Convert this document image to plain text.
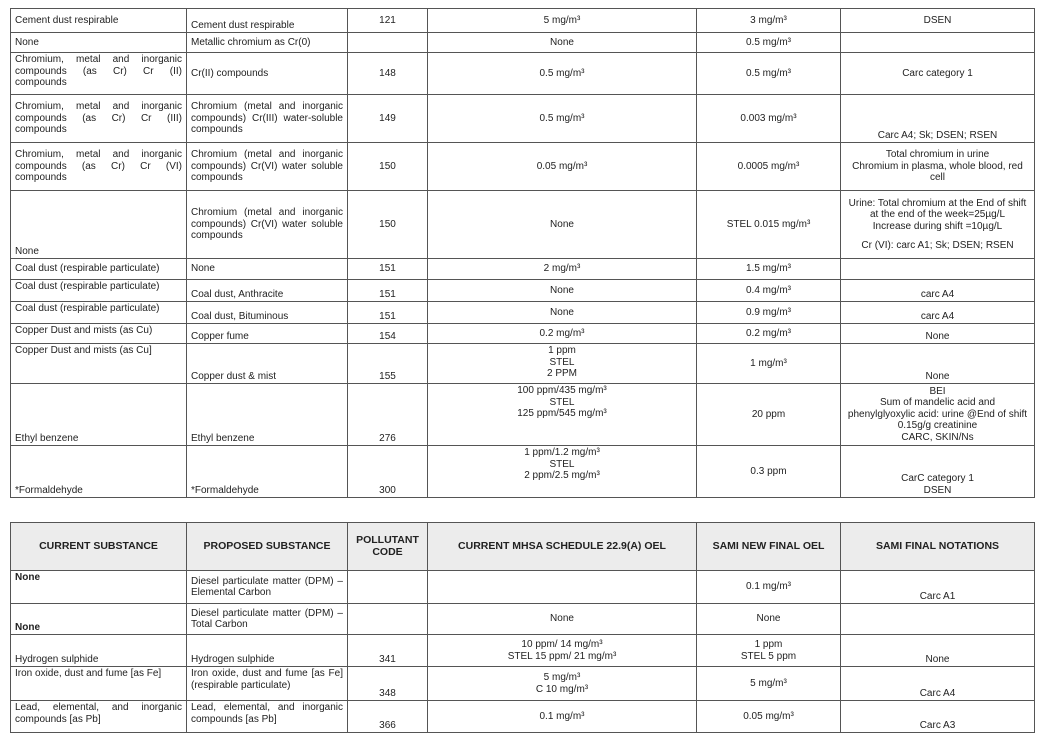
Cement dust respirable	Cement dust respirable	121	5 mg/m³	3 mg/m³	DSEN

None	Metallic chromium as Cr(0)		None	0.5 mg/m³	

Chromium, metal and inorganic compounds (as Cr) Cr (II) compounds	Cr(II) compounds	148	0.5 mg/m³	0.5 mg/m³	Carc category 1

Chromium, metal and inorganic compounds (as Cr) Cr (III) compounds	Chromium (metal and inorganic compounds) Cr(III) water-soluble compounds	149	0.5 mg/m³	0.003 mg/m³	Carc A4; Sk; DSEN; RSEN

Chromium, metal and inorganic compounds (as Cr) Cr (VI) compounds	Chromium (metal and inorganic compounds) Cr(VI) water soluble compounds	150	0.05 mg/m³	0.0005 mg/m³	Total chromium in urine
Chromium in plasma, whole blood, red cell

None	Chromium (metal and inorganic compounds) Cr(VI) water soluble compounds	150	None	STEL 0.015 mg/m³	Urine: Total chromium at the End of shift at the end of the week=25µg/L
Increase during shift =10µg/L
Cr (VI): carc A1; Sk; DSEN; RSEN

Coal dust (respirable particulate)	None	151	2 mg/m³	1.5 mg/m³	

Coal dust (respirable particulate)	Coal dust, Anthracite	151	None	0.4 mg/m³	carc A4

Coal dust (respirable particulate)	Coal dust, Bituminous	151	None	0.9 mg/m³	carc A4

Copper Dust and mists (as Cu)	Copper fume	154	0.2 mg/m³	0.2 mg/m³	None

Copper Dust and mists (as Cu]	Copper dust & mist	155	1 ppm
STEL
2 PPM	1 mg/m³	None

Ethyl benzene	Ethyl benzene	276	100 ppm/435 mg/m³
STEL
125 ppm/545 mg/m³	20 ppm	BEI
Sum of mandelic acid and phenylglyoxylic acid: urine @End of shift 0.15g/g creatinine
CARC, SKIN/Ns

*Formaldehyde	*Formaldehyde	300	1 ppm/1.2 mg/m³
STEL
2 ppm/2.5 mg/m³	0.3 ppm	CarC category 1
DSEN
CURRENT SUBSTANCE	PROPOSED SUBSTANCE	POLLUTANT CODE	CURRENT MHSA SCHEDULE 22.9(A) OEL	SAMI NEW FINAL OEL	SAMI FINAL NOTATIONS
None	Diesel particulate matter (DPM) – Elemental Carbon			0.1 mg/m³	Carc A1

None	Diesel particulate matter (DPM) – Total Carbon		None	None	

Hydrogen sulphide	Hydrogen sulphide	341	10 ppm/ 14 mg/m³
STEL 15 ppm/ 21 mg/m³	1 ppm
STEL 5 ppm	None

Iron oxide, dust and fume [as Fe]	Iron oxide, dust and fume [as Fe] (respirable particulate)	348	5 mg/m³
C 10 mg/m³	5 mg/m³	Carc A4

Lead, elemental, and inorganic compounds [as Pb]	Lead, elemental, and inorganic compounds [as Pb]	366	0.1 mg/m³	0.05 mg/m³	Carc A3
